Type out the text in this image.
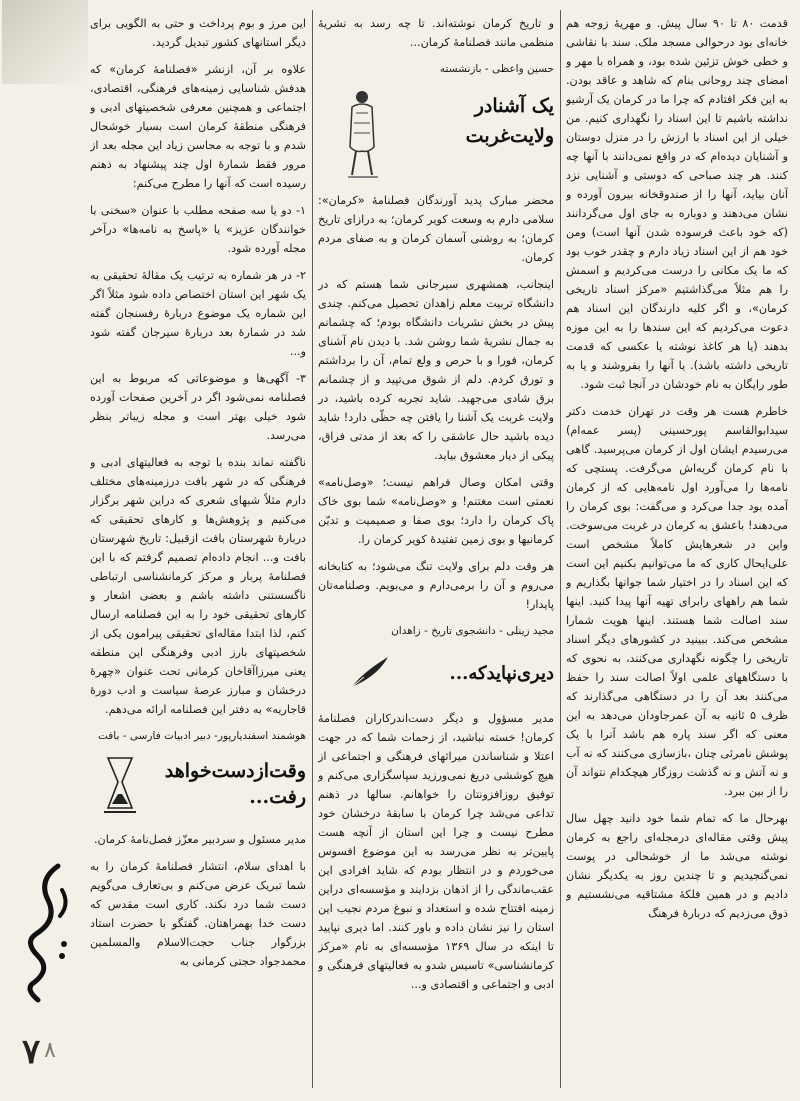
قدمت ۸۰ تا ۹۰ سال پیش. و مهریهٔ زوجه هم خانه‌ای بود درحوالی مسجد ملک. سند با نقاشی و خطی خوش تزئین شده بود، و همراه با مهر و امضای چند روحانی بنام که شاهد و عاقد بودن. به این فکر افتادم که چرا ما در کرمان یک آرشیو نداشته باشیم تا این اسناد را نگهداری کنیم. من خیلی از این اسناد با ارزش را در منزل دوستان و آشنایان دیده‌ام که در واقع نمی‌دانند با آنها چه کنند. هر چند صباحی که دوستی و آشنایی نزد آنان بیاید، آنها را از صندوقخانه بیرون آورده و نشان می‌دهند و دوباره به جای اول می‌گردانند (که خود باعث فرسوده شدن آنها است) ومن خود هم از این اسناد زیاد دارم و چقدر خوب بود که ما یک مکانی را درست می‌کردیم و اسمش را هم مثلاً می‌گذاشتیم «مرکز اسناد تاریخی کرمان»، و اگر کلیه دارندگان این اسناد هم دعوت می‌کردیم که این سندها را به این موزه بدهند (یا هر کاغذ نوشته یا عکسی که قدمت تاریخی داشته باشد). یا آنها را بفروشند و یا به طور رایگان به نام خودشان در آنجا ثبت شود.

خاطرم هست هر وقت در تهران خدمت دکتر سیدابوالقاسم پورحسینی (پسر عمه‌ام) می‌رسیدم ایشان اول از کرمان می‌پرسید. گاهی با نام کرمان گریه‌اش می‌گرفت. پستچی که نامه‌ها را می‌آورد اول نامه‌هایی که از کرمان آمده بود جدا می‌کرد و می‌گفت: بوی کرمان را می‌دهند! باعشق به کرمان در غربت می‌سوخت. واین در شعرهایش کاملاً مشخص است علی‌ایحال کاری که ما می‌توانیم بکنیم این است که این اسناد را در اختیار شما جوانها بگذاریم و شما هم راههای رابرای تهیه آنها پیدا کنید. اینها سند اصالت شما هستند. اینها هویت شمارا مشخص می‌کند. ببینید در کشورهای دیگر اسناد تاریخی را چگونه نگهداری می‌کنند، به نحوی که با دستگاههای علمی اولاً اصالت سند را حفظ می‌کنند بعد آن را در دستگاهی می‌گذارند که ظرف ۵ ثانیه به آن عمرجاودان می‌دهد به این معنی که اگر سند پاره هم باشد آنرا با یک پوشش نامرئی چنان ،بازسازی می‌کنند که نه آب و نه آتش و نه گذشت روزگار هیچکدام نتواند آن را از بین ببرد.

بهرحال ما که تمام شما خود دانید چهل سال پیش وقتی مقاله‌ای درمجله‌ای راجع به کرمان نوشته می‌شد ما از خوشحالی در پوست نمی‌گنجیدیم و تا چندین روز به یکدیگر نشان دادیم و در همین فلکهٔ مشتاقیه می‌نشستیم و ذوق می‌زدیم که دربارهٔ فرهنگ

و تاریخ کرمان نوشته‌اند. تا چه رسد به نشریهٔ منظمی مانند فصلنامهٔ کرمان...

حسین واعظی - بازنشسته

یک آشنادر
ولایت‌غربت

محضر مبارک پدید آورندگان فصلنامهٔ «کرمان»: سلامی دارم به وسعت کویر کرمان؛ به درازای تاریخ کرمان؛ به روشنی آسمان کرمان و به صفای مردم کرمان.

اینجانب، همشهری سیرجانی شما هستم که در دانشگاه تربیت معلم زاهدان تحصیل می‌کنم. چندی پیش در بخش نشریات دانشگاه بودم؛ که چشمانم به جمال نشریهٔ شما روشن شد. با دیدن نام آشنای کرمان، فورا و با حرص و ولع تمام، آن را برداشتم و تورق کردم. دلم از شوق می‌تپید و از چشمانم برق شادی می‌جهید. شاید تجربه کرده باشید، در ولایت غربت یک آشنا را یافتن چه حظّی دارد! شاید دیده باشید حال عاشقی را که بعد از مدتی فراق، پیکی از دیار معشوق بیاید.

وقتی امکان وصال فراهم نیست؛ «وصل‌نامه» نعمتی است مغتنم! و «وصل‌نامه» شما بوی خاک پاک کرمان را دارد؛ بوی صفا و صمیمیت و تدیّن کرمانیها و بوی زمین تفتیدهٔ کویر کرمان را.

هر وقت دلم برای ولایت تنگ می‌شود؛ به کتابخانه می‌روم و آن را برمی‌دارم و می‌بویم. وصلنامه‌تان پایدار!

مجید زینلی - دانشجوی تاریخ - زاهدان

دیری‌نپایدکه...

مدیر مسؤول و دیگر دست‌اندرکاران فصلنامهٔ کرمان! خسته نباشید، از زحمات شما که در جهت اعتلا و شناساندن میراثهای فرهنگی و اجتماعی از هیچ کوششی دریغ نمی‌ورزید سپاسگزاری می‌کنم و توفیق روزافزونتان را خواهانم. سالها در ذهنم تداعی می‌شد چرا کرمان با سابقهٔ درخشان خود مطرح نیست و چرا این استان از آنچه هست پایین‌تر به نظر می‌رسد به این موضوع افسوس می‌خوردم و در انتظار بودم که شاید افرادی این عقب‌ماندگی را از اذهان بزدایند و مؤسسه‌ای دراین زمینه افتتاح شده و استعداد و نبوغ مردم نجیب این استان را نیز نشان داده و باور کنند. اما دیری نپایید تا اینکه در سال ۱۳۶۹ مؤسسه‌ای به نام «مرکز کرمانشناسی» تاسیس شدو به فعالیتهای فرهنگی و ادبی و اجتماعی و اقتصادی و...

این مرز و بوم پرداخت و حتی به الگویی برای دیگر استانهای کشور تبدیل گردید.

علاوه بر آن، ازنشر «فصلنامهٔ کرمان» که هدفش شناسایی زمینه‌های فرهنگی، اقتصادی، اجتماعی و همچنین معرفی شخصیتهای ادبی و فرهنگی منطقهٔ کرمان است بسیار خوشحال شدم و با توجه به محاسن زیاد این مجله بعد از مرور فقط شمارهٔ اول چند پیشنهاد به ذهنم رسیده است که آنها را مطرح می‌کنم:

۱- دو یا سه صفحه مطلب با عنوان «سخنی با خوانندگان عزیز» یا «پاسخ به نامه‌ها» درآخر مجله آورده شود.

۲- در هر شماره به ترتیب یک مقالهٔ تحقیقی به یک شهر این استان اختصاص داده شود مثلاً اگر این شماره یک موضوع دربارهٔ رفسنجان گفته شد در شمارهٔ بعد دربارهٔ سیرجان گفته شود و...

۳- آگهی‌ها و موضوعاتی که مربوط به این فصلنامه نمی‌شود اگر در آخرین صفحات آورده شود خیلی بهتر است و مجله زیباتر بنظر می‌رسد.

ناگفته نماند بنده با توجه به فعالیتهای ادبی و فرهنگی که در شهر بافت درزمینه‌های مختلف دارم مثلاً شبهای شعری که دراین شهر برگزار می‌کنیم و پژوهش‌ها و کارهای تحقیقی که دربارهٔ شهرستان بافت ازقبیل: تاریخ شهرستان بافت و... انجام داده‌ام تصمیم گرفتم که با این فصلنامهٔ پربار و مرکز کرمانشناسی ارتباطی ناگسستنی داشته باشم و بعضی اشعار و کارهای تحقیقی خود را به این فصلنامه ارسال کنم، لذا ابتدا مقاله‌ای تحقیقی پیرامون یکی از شخصیتهای بارز ادبی وفرهنگی این منطقه یعنی میرزاآقاخان کرمانی تحت عنوان «چهرهٔ درخشان و مبارز عرصهٔ سیاست و ادب دورهٔ قاجاریه» به دفتر این فصلنامه ارائه می‌دهم.

هوشمند اسفندیارپور- دبیر ادبیات فارسی - بافت

وقت‌ازدست‌خواهد
رفت...

مدیر مسئول و سردبیر معزّز فصل‌نامهٔ کرمان.

با اهدای سلام، انتشار فصلنامهٔ کرمان را به شما تبریک عرض می‌کنم و بی‌تعارف می‌گویم دست شما درد نکند. کاری است مقدس که دست خدا بهمراهتان. گفتگو با حضرت استاد بزرگوار جناب حجت‌الاسلام والمسلمین محمدجواد حجتی کرمانی به

۷ ۸
